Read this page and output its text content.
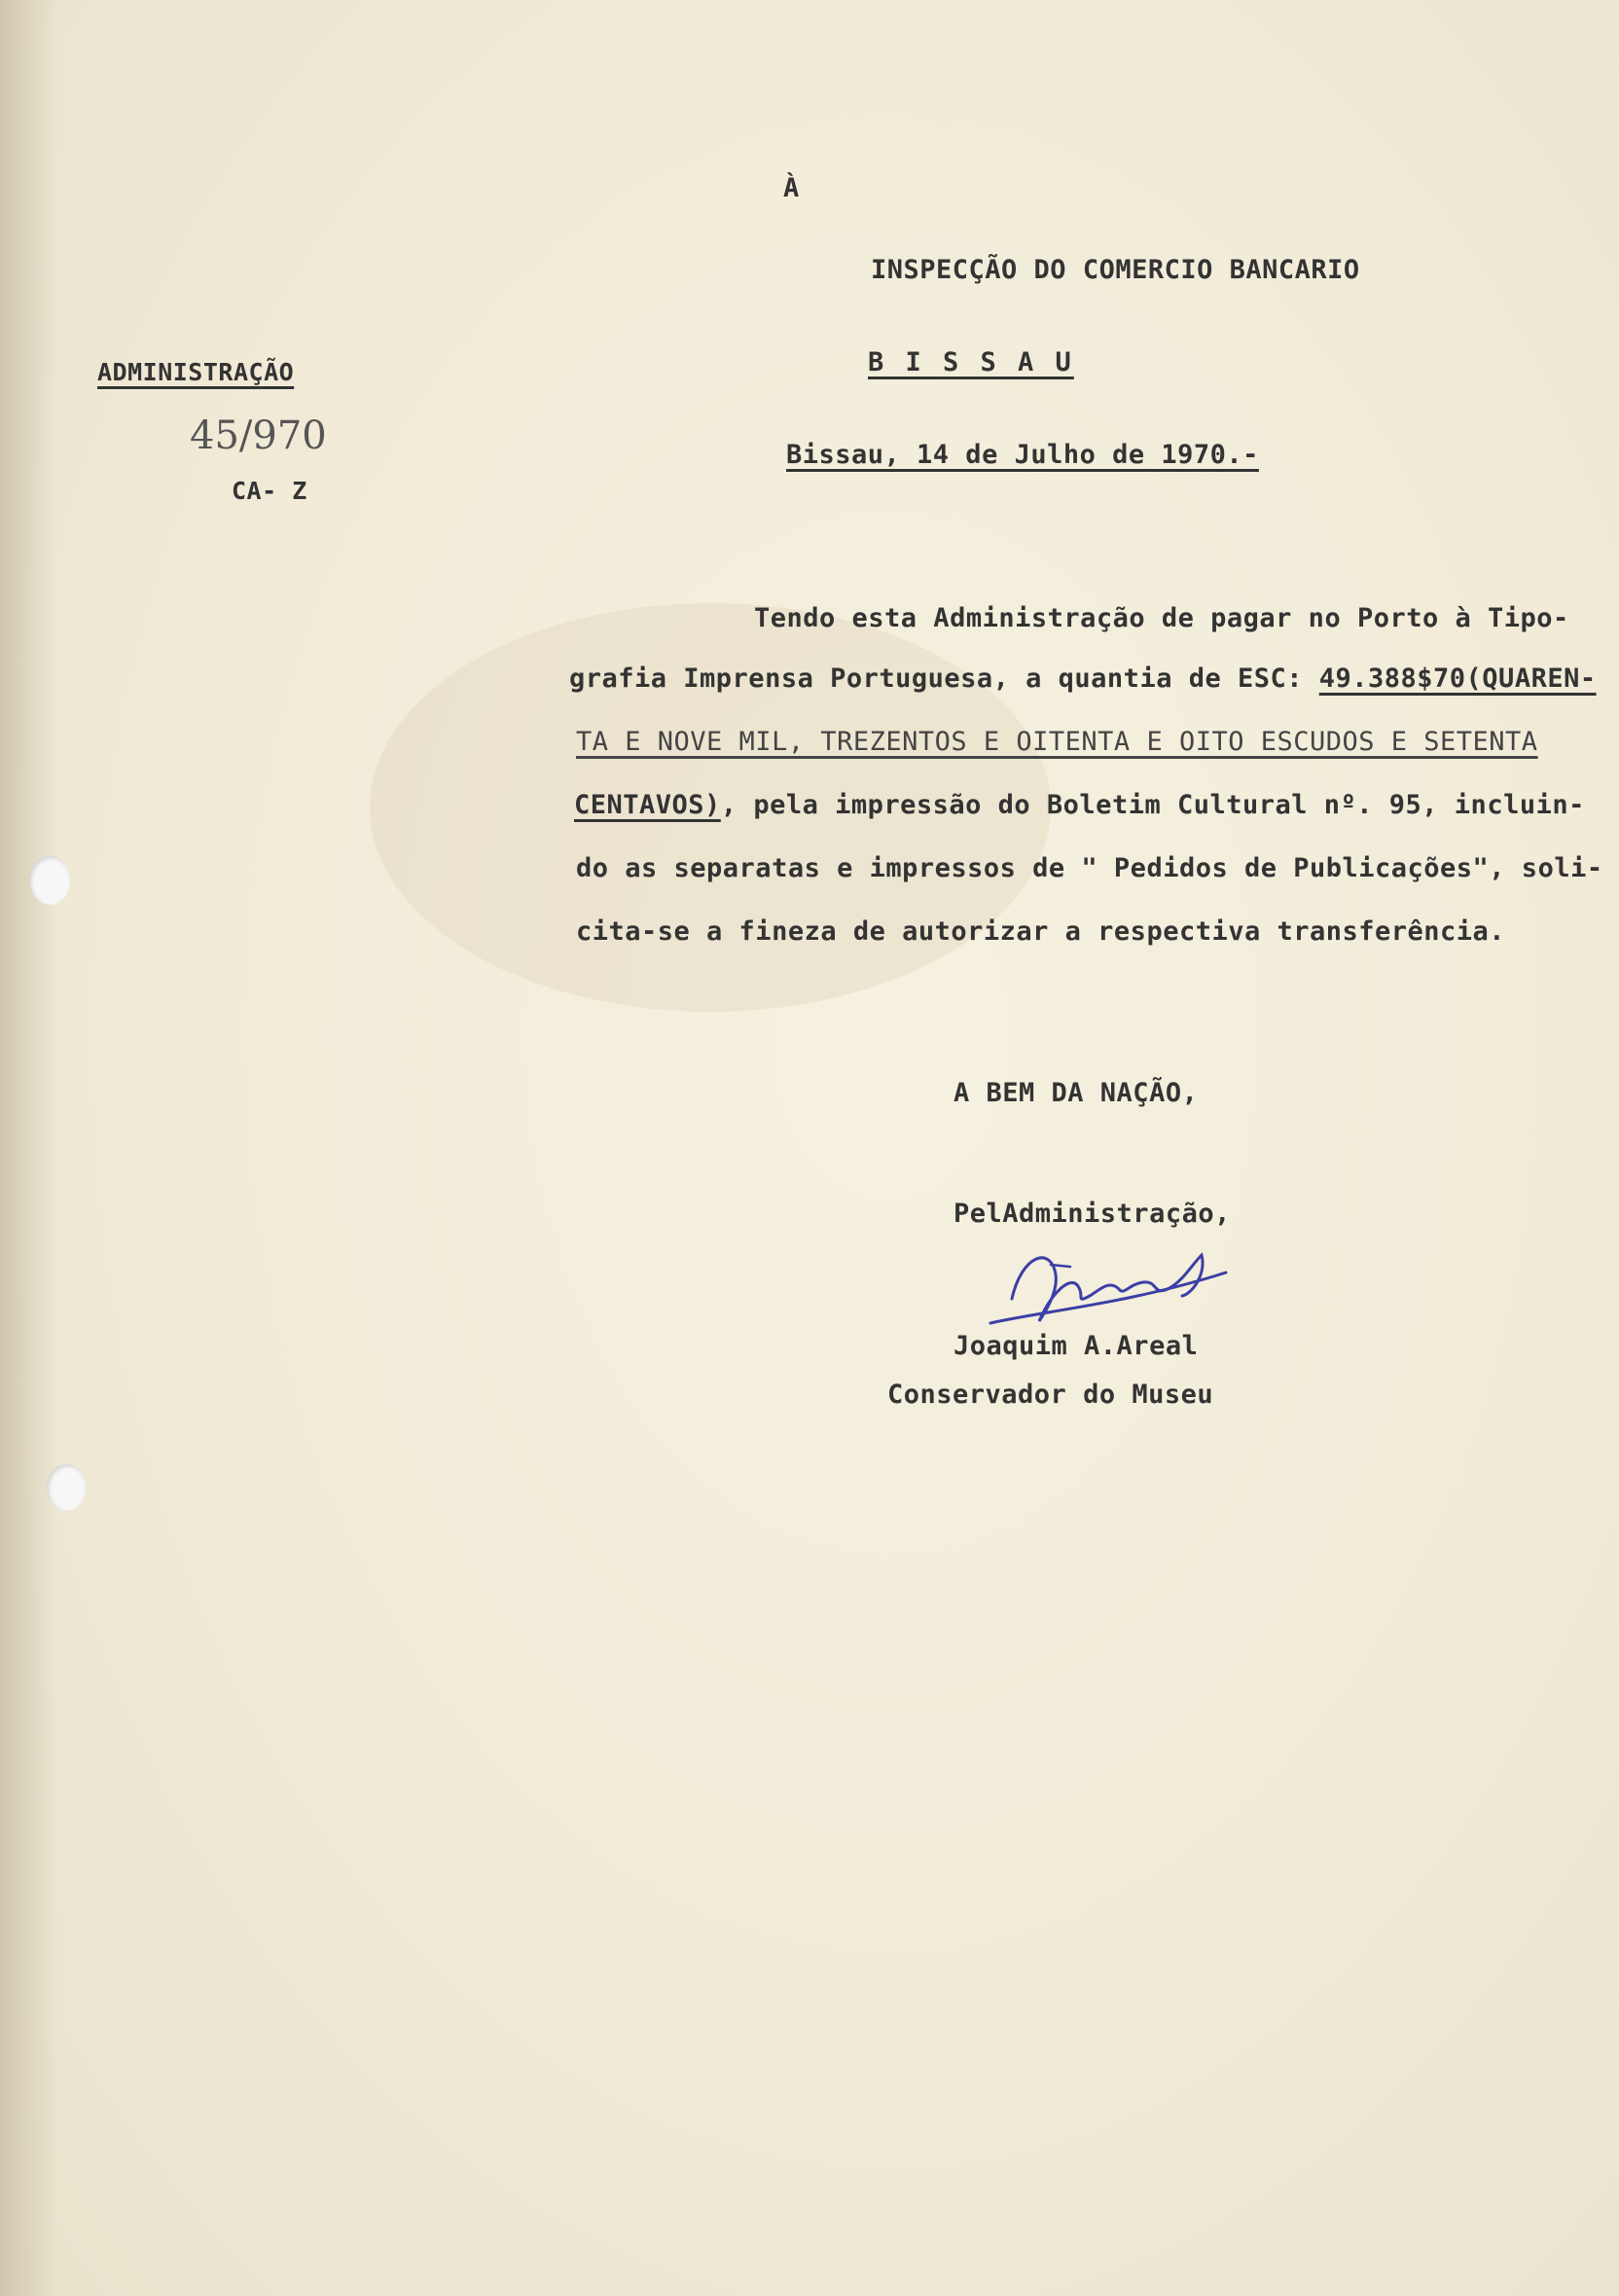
À
INSPECÇÃO DO COMERCIO BANCARIO
B I S S A U
ADMINISTRAÇÃO
45/970
CA- Z
Bissau, 14 de Julho de 1970.-
Tendo esta Administração de pagar no Porto à Tipo-
grafia Imprensa Portuguesa, a quantia de ESC: 49.388$70(QUAREN-
TA E NOVE MIL, TREZENTOS E OITENTA E OITO ESCUDOS E SETENTA
CENTAVOS), pela impressão do Boletim Cultural nº. 95, incluin-
do as separatas e impressos de " Pedidos de Publicações", soli-
cita-se a fineza de autorizar a respectiva transferência.
A BEM DA NAÇÃO,
PelAdministração,
Joaquim A.Areal
Conservador do Museu
